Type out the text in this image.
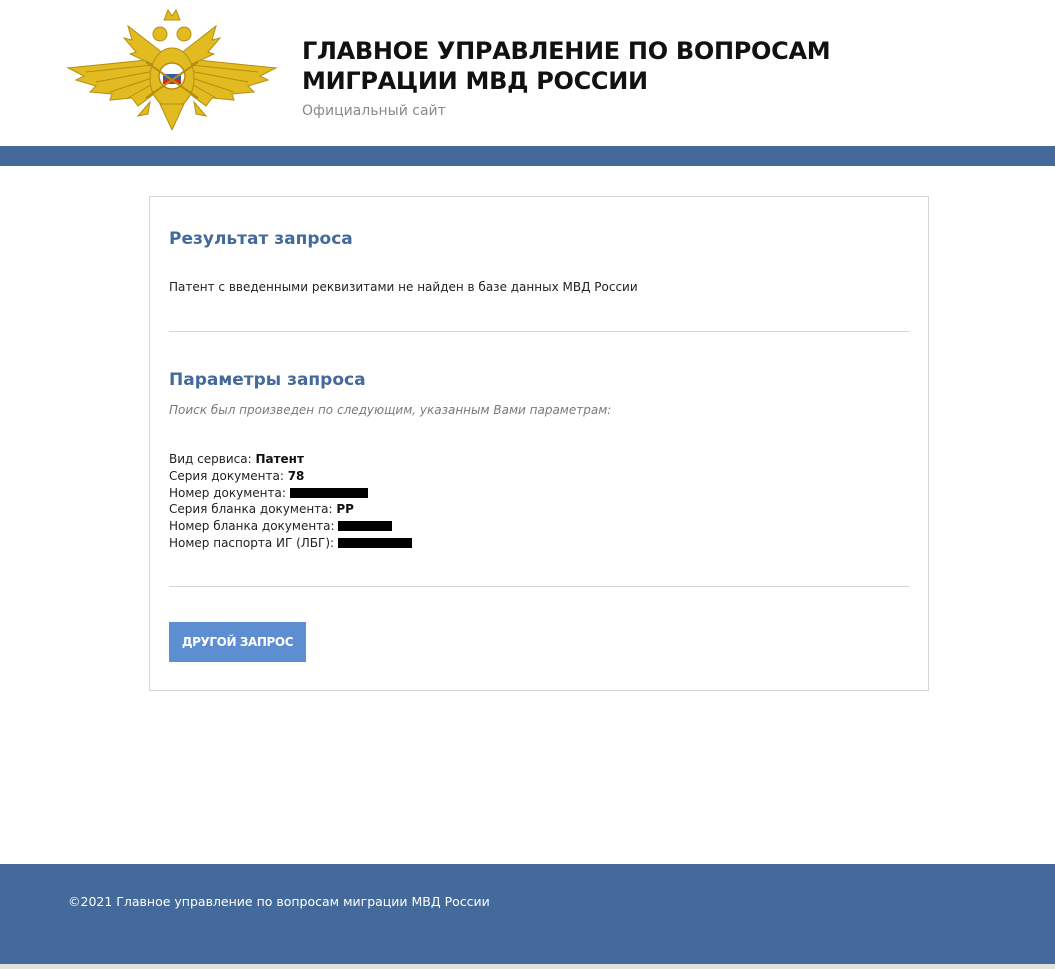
ГЛАВНОЕ УПРАВЛЕНИЕ ПО ВОПРОСАМ
МИГРАЦИИ МВД РОССИИ
Официальный сайт
Результат запроса
Патент с введенными реквизитами не найден в базе данных МВД России
Параметры запроса
Поиск был произведен по следующим, указанным Вами параметрам:
Вид сервиса: Патент
Серия документа: 78
Номер документа:
Серия бланка документа: РР
Номер бланка документа:
Номер паспорта ИГ (ЛБГ):
ДРУГОЙ ЗАПРОС
©2021 Главное управление по вопросам миграции МВД России
